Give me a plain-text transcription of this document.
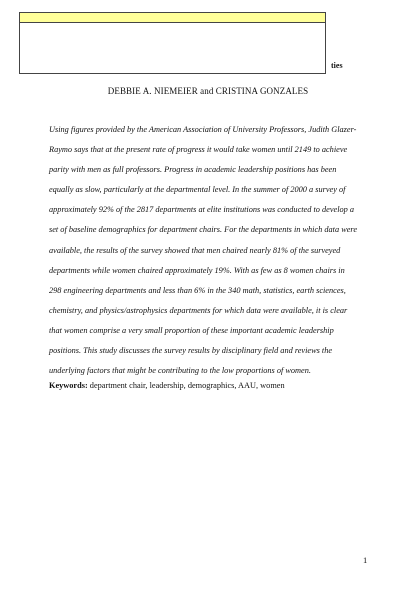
ties
DEBBIE A. NIEMEIER and CRISTINA GONZALES
Using figures provided by the American Association of University Professors, Judith Glazer-
Raymo says that at the present rate of progress it would take women until 2149 to achieve
parity with men as full professors. Progress in academic leadership positions has been
equally as slow, particularly at the departmental level. In the summer of 2000 a survey of
approximately 92% of the 2817 departments at elite institutions was conducted to develop a
set of baseline demographics for department chairs. For the departments in which data were
available, the results of the survey showed that men chaired nearly 81% of the surveyed
departments while women chaired approximately 19%. With as few as 8 women chairs in
298 engineering departments and less than 6% in the 340 math, statistics, earth sciences,
chemistry, and physics/astrophysics departments for which data were available, it is clear
that women comprise a very small proportion of these important academic leadership
positions. This study discusses the survey results by disciplinary field and reviews the
underlying factors that might be contributing to the low proportions of women.
Keywords: department chair, leadership, demographics, AAU, women
1
